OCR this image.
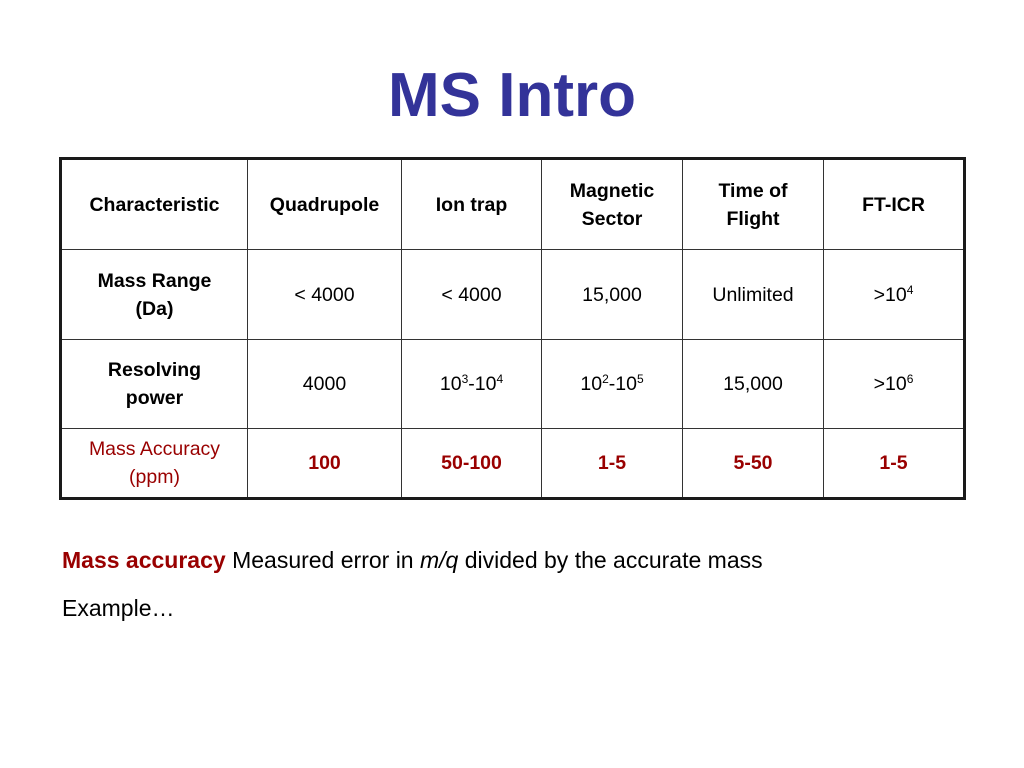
MS Intro
Characteristic	Quadrupole	Ion trap	Magnetic Sector	Time of Flight	FT-ICR
Mass Range (Da)	< 4000	< 4000	15,000	Unlimited	$>10^4$
Resolving power	4000	$10^3-10^4$	$10^2-10^5$	15,000	$>10^6$
Mass Accuracy (ppm)	100	50-100	1-5	5-50	1-5
Mass accuracy Measured error in m/q divided by the accurate mass
Example…
